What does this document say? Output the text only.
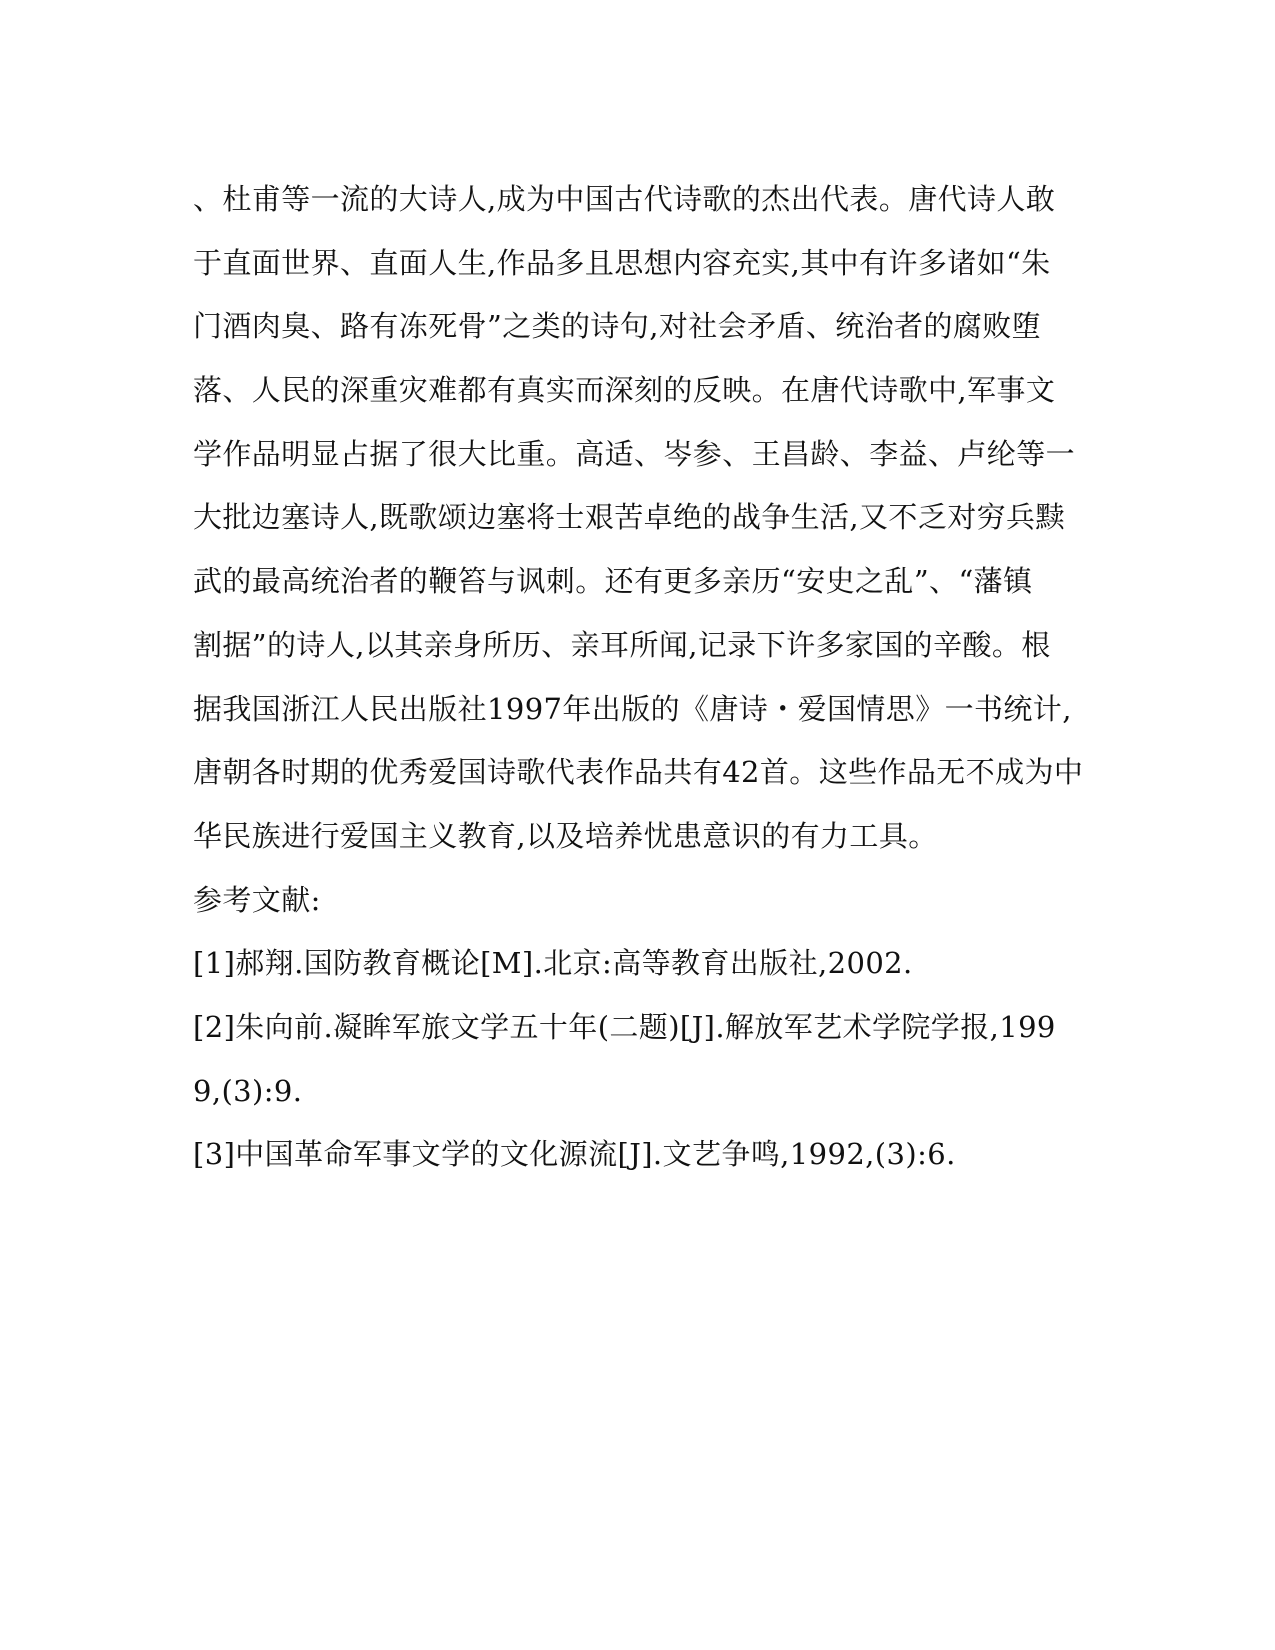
、杜甫等一流的大诗人,成为中国古代诗歌的杰出代表。唐代诗人敢
于直面世界、直面人生,作品多且思想内容充实,其中有许多诸如“朱
门酒肉臭、路有冻死骨”之类的诗句,对社会矛盾、统治者的腐败堕
落、人民的深重灾难都有真实而深刻的反映。在唐代诗歌中,军事文
学作品明显占据了很大比重。高适、岑参、王昌龄、李益、卢纶等一
大批边塞诗人,既歌颂边塞将士艰苦卓绝的战争生活,又不乏对穷兵黩
武的最高统治者的鞭笞与讽刺。还有更多亲历“安史之乱”、“藩镇
割据”的诗人,以其亲身所历、亲耳所闻,记录下许多家国的辛酸。根
据我国浙江人民出版社1997年出版的《唐诗・爱国情思》一书统计,
唐朝各时期的优秀爱国诗歌代表作品共有42首。这些作品无不成为中
华民族进行爱国主义教育,以及培养忧患意识的有力工具。
参考文献:
[1]郝翔.国防教育概论[M].北京:高等教育出版社,2002.
[2]朱向前.凝眸军旅文学五十年(二题)[J].解放军艺术学院学报,199
9,(3):9.
[3]中国革命军事文学的文化源流[J].文艺争鸣,1992,(3):6.
